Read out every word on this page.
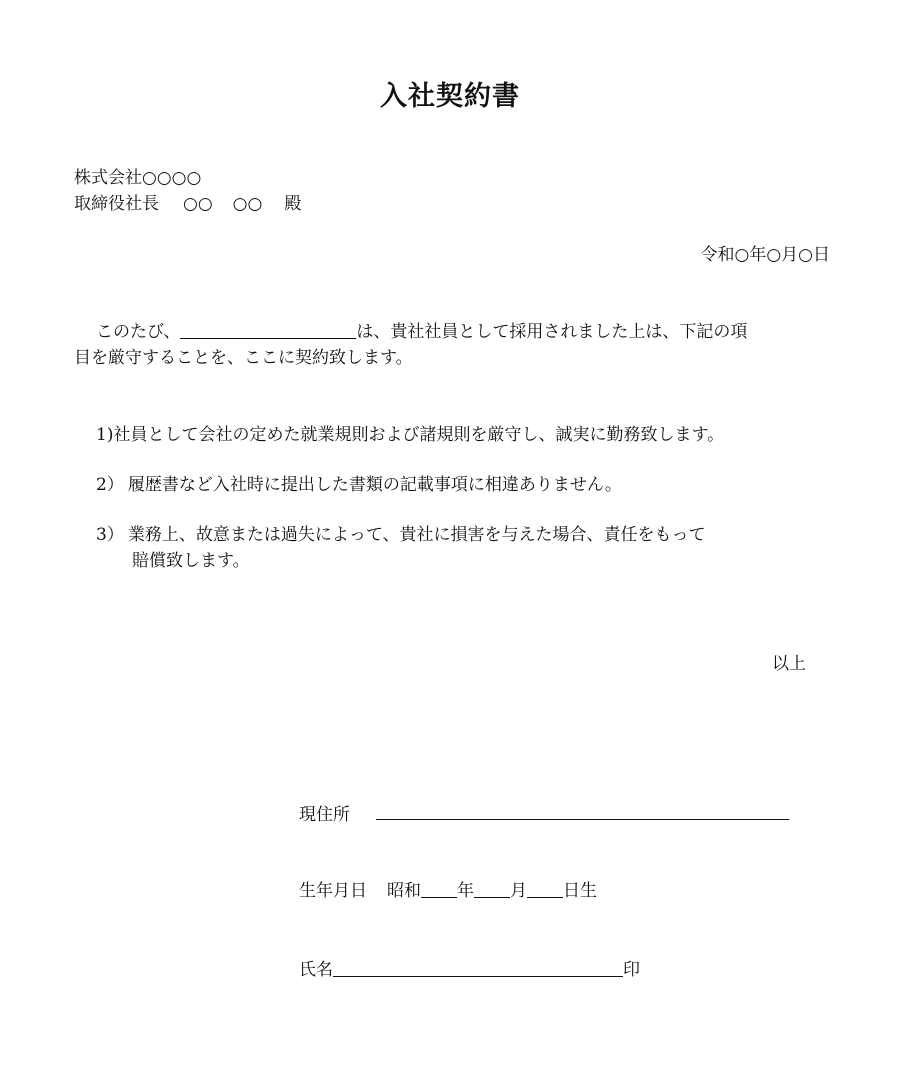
入社契約書
株式会社○○○○
取締役社長 ○○ ○○ 殿
令和○年○月○日
このたび、	は、貴社社員として採用されました上は、下記の項
目を厳守することを、ここに契約致します。
1)社員として会社の定めた就業規則および諸規則を厳守し、誠実に勤務致します。
2） 履歴書など入社時に提出した書類の記載事項に相違ありません。
3） 業務上、故意または過失によって、貴社に損害を与えた場合、責任をもって
賠償致します。
以上
現住所
生年月日 昭和 年 月 日生
氏名	印
